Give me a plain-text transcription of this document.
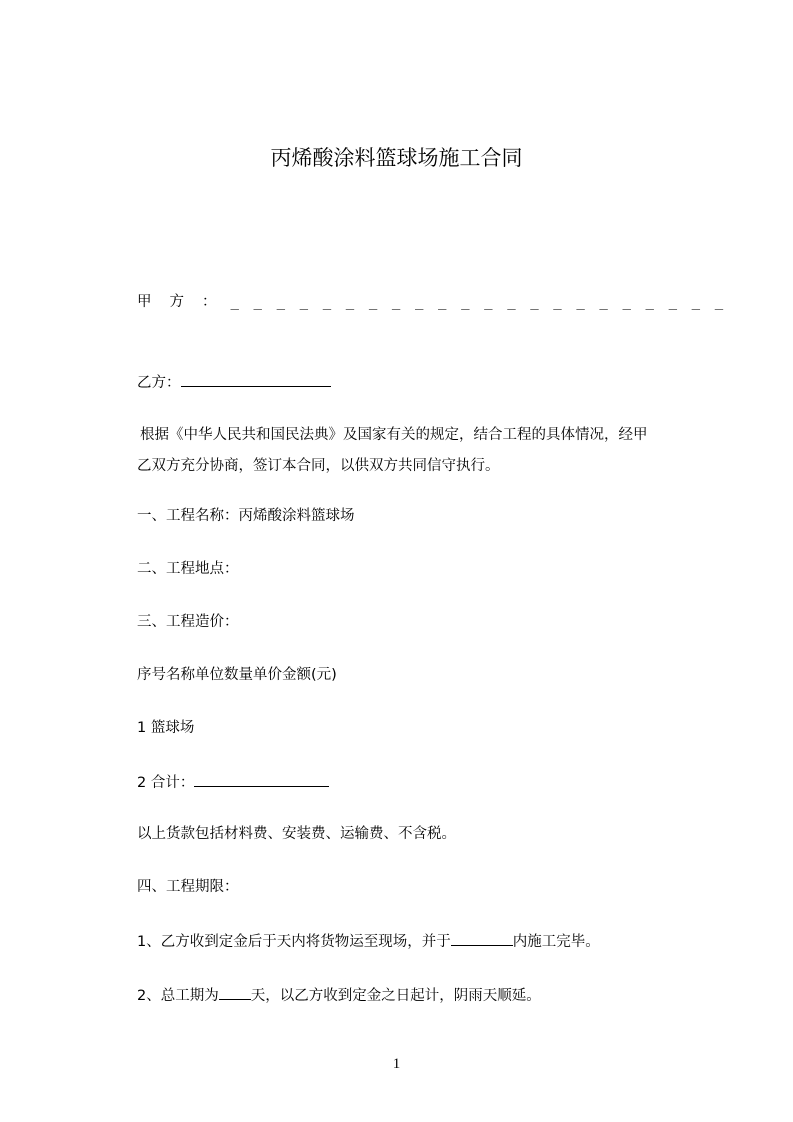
丙烯酸涂料篮球场施工合同
甲方 ： _ _ _ _ _ _ _ _ _ _ _ _ _ _ _ _ _ _ _ _ _ _
乙方：
根据《中华人民共和国民法典》及国家有关的规定，结合工程的具体情况，经甲
乙双方充分协商，签订本合同，以供双方共同信守执行。
一、工程名称：丙烯酸涂料篮球场
二、工程地点：
三、工程造价：
序号名称单位数量单价金额(元)
1 篮球场
2 合计：
以上货款包括材料费、安装费、运输费、不含税。
四、工程期限：
1、乙方收到定金后于天内将货物运至现场，并于	内施工完毕。
2、总工期为 天，以乙方收到定金之日起计，阴雨天顺延。
1
